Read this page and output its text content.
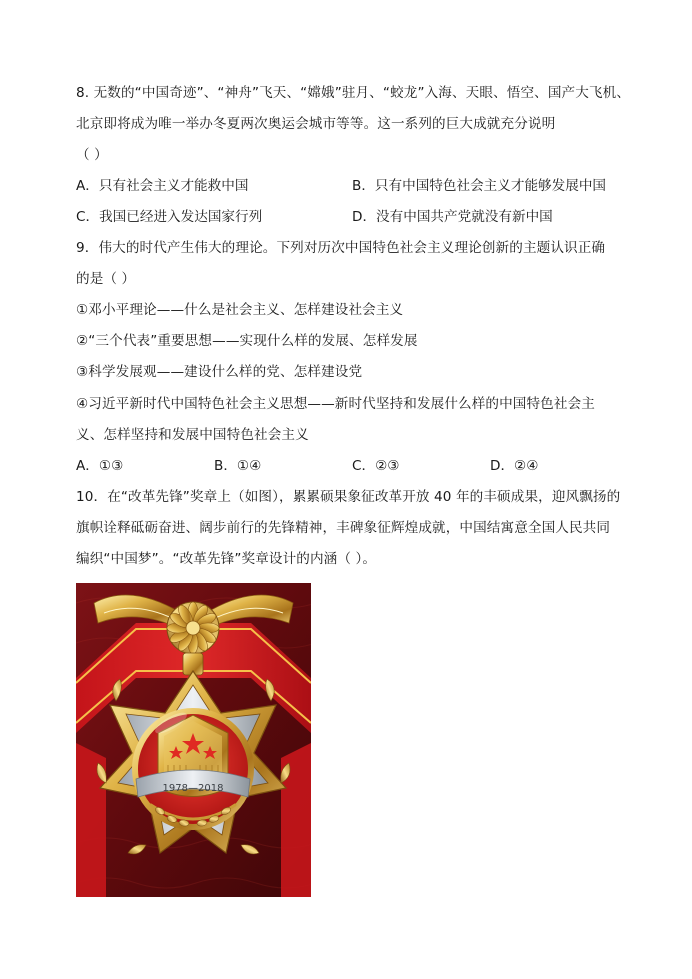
8. 无数的“中国奇迹”、“神舟”飞天、“嫦娥”驻月、“蛟龙”入海、天眼、悟空、国产大飞机、
北京即将成为唯一举办冬夏两次奥运会城市等等。这一系列的巨大成就充分说明
（ ）
A．只有社会主义才能救中国	B．只有中国特色社会主义才能够发展中国
C．我国已经进入发达国家行列	D．没有中国共产党就没有新中国
9．伟大的时代产生伟大的理论。下列对历次中国特色社会主义理论创新的主题认识正确
的是（ ）
①邓小平理论——什么是社会主义、怎样建设社会主义
②“三个代表”重要思想——实现什么样的发展、怎样发展
③科学发展观——建设什么样的党、怎样建设党
④习近平新时代中国特色社会主义思想——新时代坚持和发展什么样的中国特色社会主
义、怎样坚持和发展中国特色社会主义
A．①③	B．①④	C．②③	D．②④
10．在“改革先锋”奖章上（如图），累累硕果象征改革开放 40 年的丰硕成果，迎风飘扬的
旗帜诠释砥砺奋进、阔步前行的先锋精神，丰碑象征辉煌成就，中国结寓意全国人民共同
编织“中国梦”。“改革先锋”奖章设计的内涵（ ）。
1978—2018
